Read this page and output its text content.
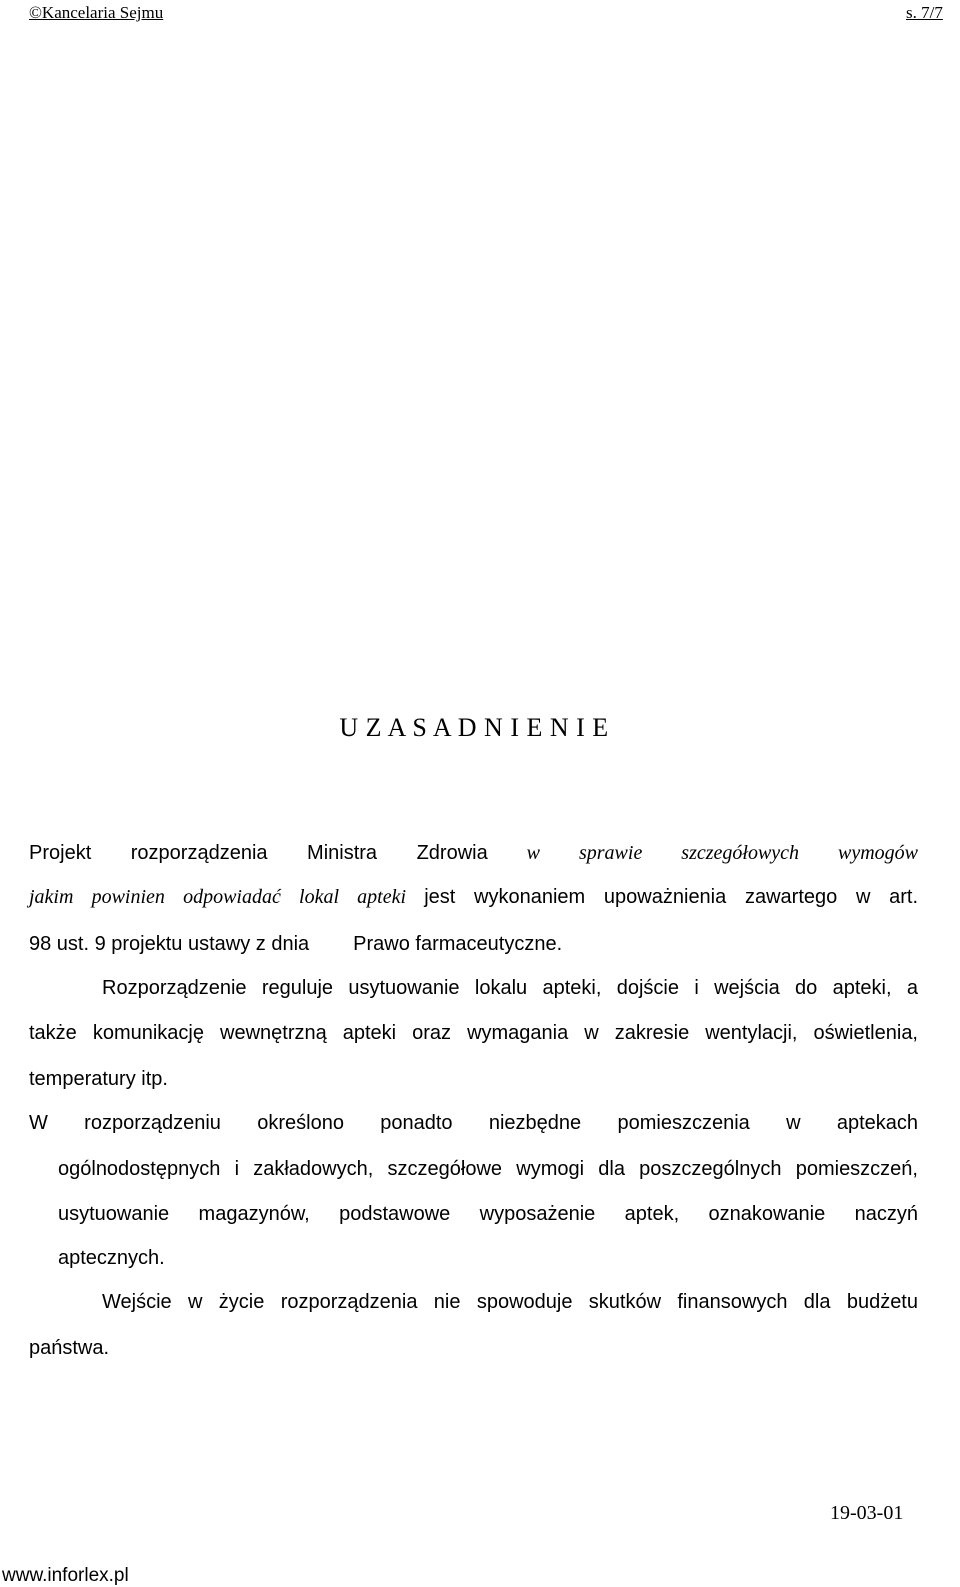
©Kancelaria Sejmu	s. 7/7
U Z A S A D N I E N I E
Projekt rozporządzenia Ministra Zdrowia w sprawie szczegółowych wymogów
jakim powinien odpowiadać lokal apteki jest wykonaniem upoważnienia zawartego w art.
98 ust. 9 projektu ustawy z dnia Prawo farmaceutyczne.
Rozporządzenie reguluje usytuowanie lokalu apteki, dojście i wejścia do apteki, a
także komunikację wewnętrzną apteki oraz wymagania w zakresie wentylacji, oświetlenia,
temperatury itp.
W rozporządzeniu określono ponadto niezbędne pomieszczenia w aptekach
ogólnodostępnych i zakładowych, szczegółowe wymogi dla poszczególnych pomieszczeń,
usytuowanie magazynów, podstawowe wyposażenie aptek, oznakowanie naczyń
aptecznych.
Wejście w życie rozporządzenia nie spowoduje skutków finansowych dla budżetu
państwa.
19-03-01
www.inforlex.pl
